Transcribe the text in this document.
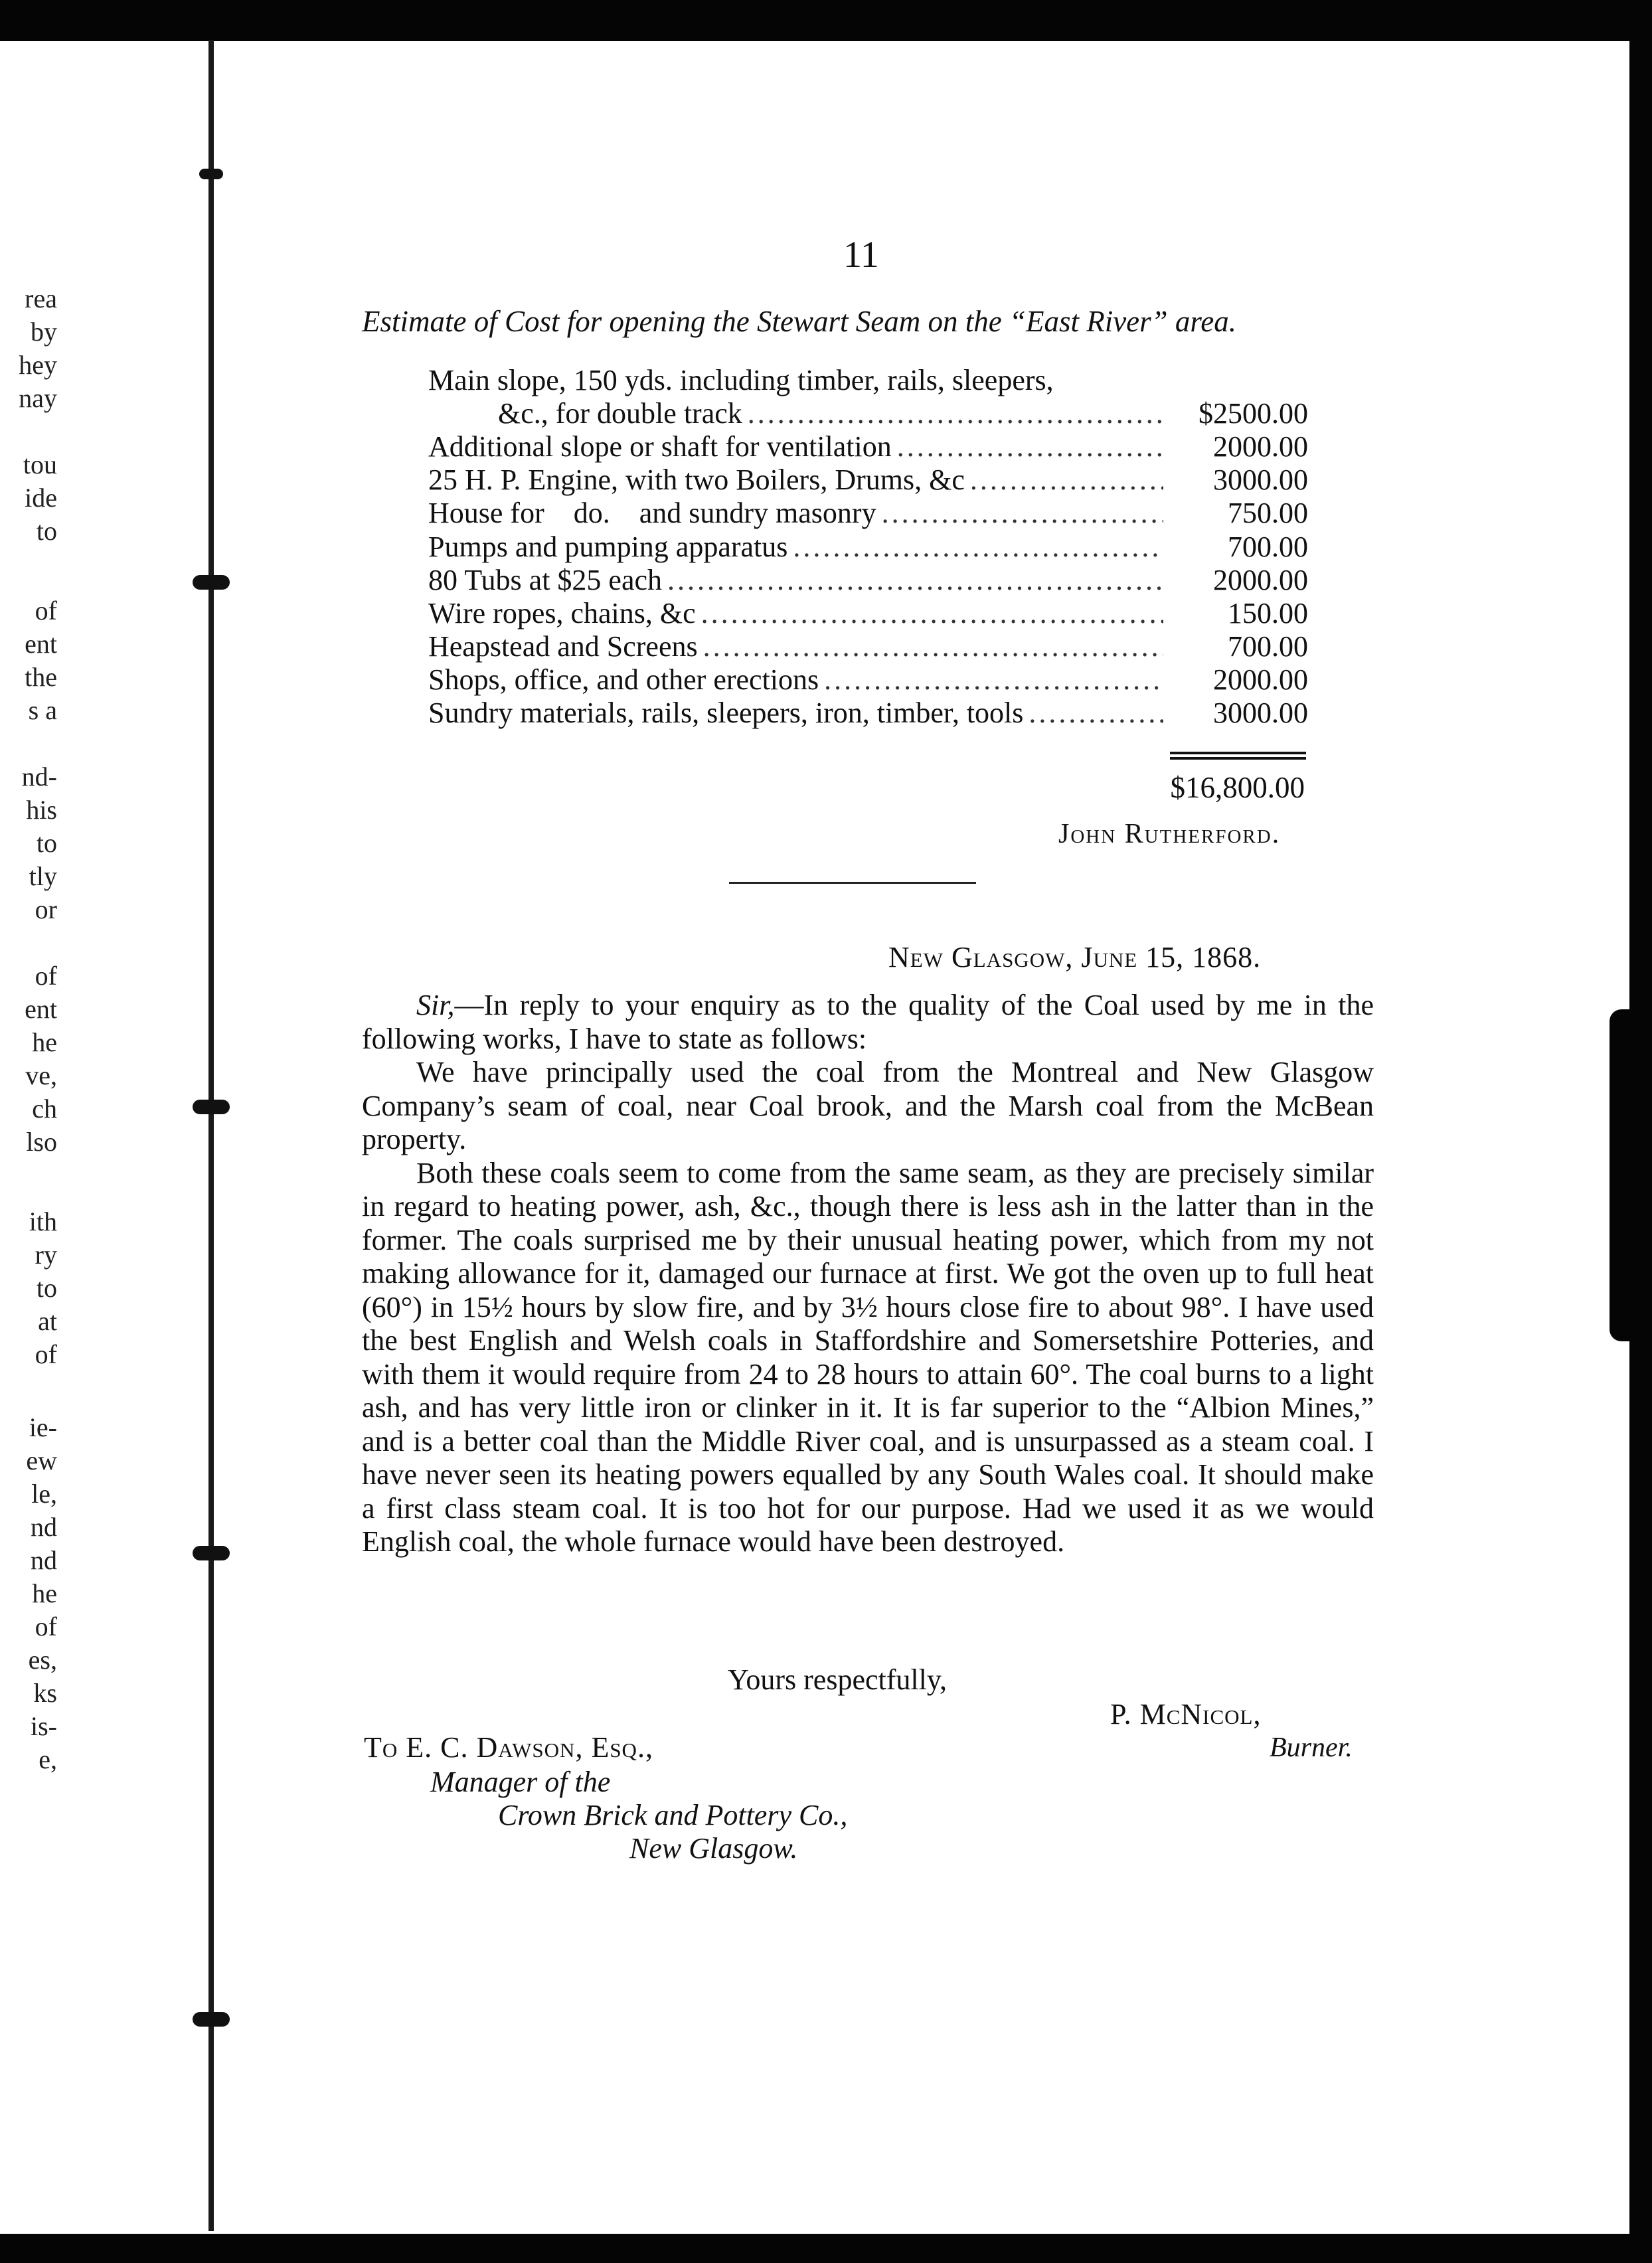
rea
by
hey
nay
tou
ide
to
of
ent
the
s a
nd-
his
to
tly
or
of
ent
he
ve,
ch
lso
ith
ry
to
at
of
ie-
ew
le,
nd
nd
he
of
es,
ks
is-
e,
11
Estimate of Cost for opening the Stewart Seam on the “East River” area.
Main slope, 150 yds. including timber, rails, sleepers,
&c., for double track .....	$2500.00
Additional slope or shaft for ventilation .....	2000.00
25 H. P. Engine, with two Boilers, Drums, &c .....	3000.00
House for    do.    and sundry masonry .....	750.00
Pumps and pumping apparatus .....	700.00
80 Tubs at $25 each .....	2000.00
Wire ropes, chains, &c .....	150.00
Heapstead and Screens .....	700.00
Shops, office, and other erections .....	2000.00
Sundry materials, rails, sleepers, iron, timber, tools .....	3000.00
$16,800.00
John Rutherford.
New Glasgow, June 15, 1868.

Sir,—In reply to your enquiry as to the quality of the Coal used by me in the following works, I have to state as follows:

We have principally used the coal from the Montreal and New Glasgow Company’s seam of coal, near Coal brook, and the Marsh coal from the McBean property.

Both these coals seem to come from the same seam, as they are precisely similar in regard to heating power, ash, &c., though there is less ash in the latter than in the former. The coals surprised me by their unusual heating power, which from my not making allowance for it, damaged our furnace at first. We got the oven up to full heat (60°) in 15½ hours by slow fire, and by 3½ hours close fire to about 98°. I have used the best English and Welsh coals in Staffordshire and Somersetshire Potteries, and with them it would require from 24 to 28 hours to attain 60°. The coal burns to a light ash, and has very little iron or clinker in it. It is far superior to the “Albion Mines,” and is a better coal than the Middle River coal, and is unsurpassed as a steam coal. I have never seen its heating powers equalled by any South Wales coal. It should make a first class steam coal. It is too hot for our purpose. Had we used it as we would English coal, the whole furnace would have been destroyed.

Yours respectfully,
P. McNicol,
Burner.
To E. C. Dawson, Esq.,
Manager of the
Crown Brick and Pottery Co.,
New Glasgow.
